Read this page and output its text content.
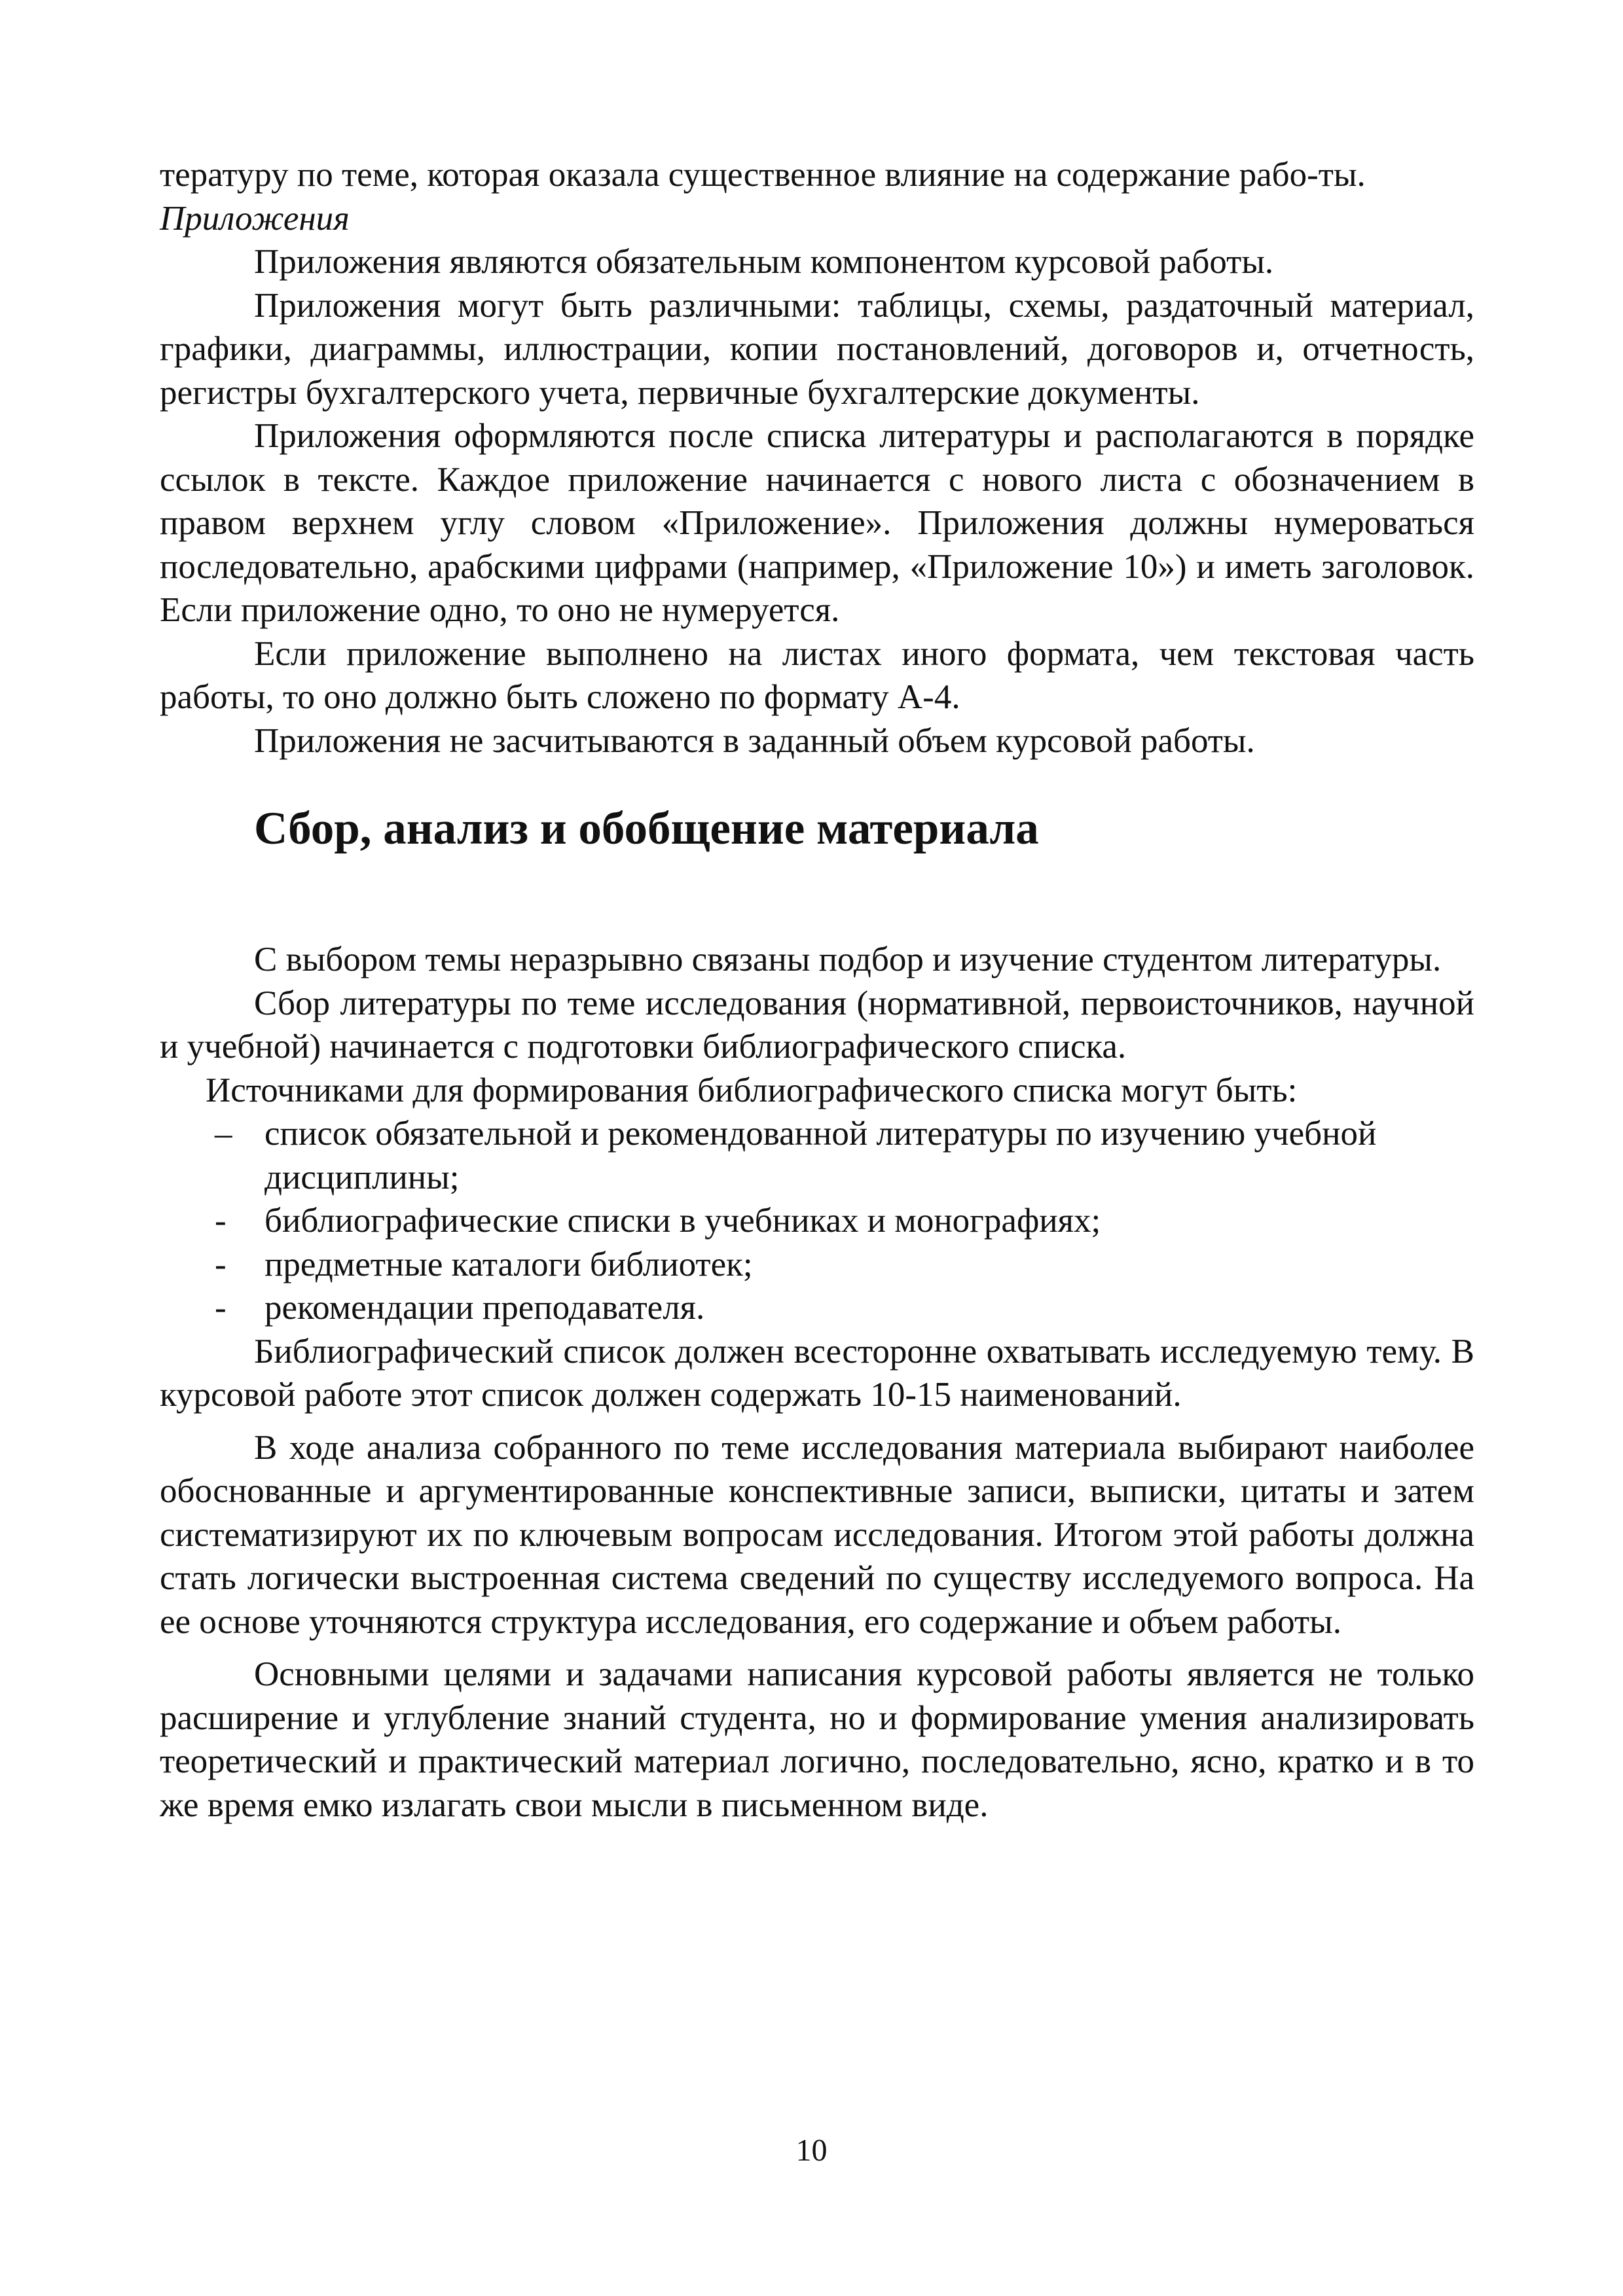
тературу по теме, которая оказала существенное влияние на содержание рабо-ты.

Приложения

Приложения являются обязательным компонентом курсовой работы.

Приложения могут быть различными: таблицы, схемы, раздаточный материал, графики, диаграммы, иллюстрации, копии постановлений, договоров и, отчетность, регистры бухгалтерского учета, первичные бухгалтерские документы.

Приложения оформляются после списка литературы и располагаются в порядке ссылок в тексте. Каждое приложение начинается с нового листа с обозначением в правом верхнем углу словом «Приложение». Приложения должны нумероваться последовательно, арабскими цифрами (например, «Приложение 10») и иметь заголовок. Если приложение одно, то оно не нумеруется.

Если приложение выполнено на листах иного формата, чем текстовая часть работы, то оно должно быть сложено по формату А-4.

Приложения не засчитываются в заданный объем курсовой работы.

Сбор, анализ и обобщение материала

С выбором темы неразрывно связаны подбор и изучение студентом литературы.

Сбор литературы по теме исследования (нормативной, первоисточников, научной и учебной) начинается с подготовки библиографического списка.

Источниками для формирования библиографического списка могут быть:

– список обязательной и рекомендованной литературы по изучению учебной дисциплины;
-	библиографические списки в учебниках и монографиях;
-	предметные каталоги библиотек;
-	рекомендации преподавателя.

Библиографический список должен всесторонне охватывать исследуемую тему. В курсовой работе этот список должен содержать 10-15 наименований.

В ходе анализа собранного по теме исследования материала выбирают наиболее обоснованные и аргументированные конспективные записи, выписки, цитаты и затем систематизируют их по ключевым вопросам исследования. Итогом этой работы должна стать логически выстроенная система сведений по существу исследуемого вопроса. На ее основе уточняются структура исследования, его содержание и объем работы.

Основными целями и задачами написания курсовой работы является не только расширение и углубление знаний студента, но и формирование умения анализировать теоретический и практический материал логично, последовательно, ясно, кратко и в то же время емко излагать свои мысли в письменном виде.

10
